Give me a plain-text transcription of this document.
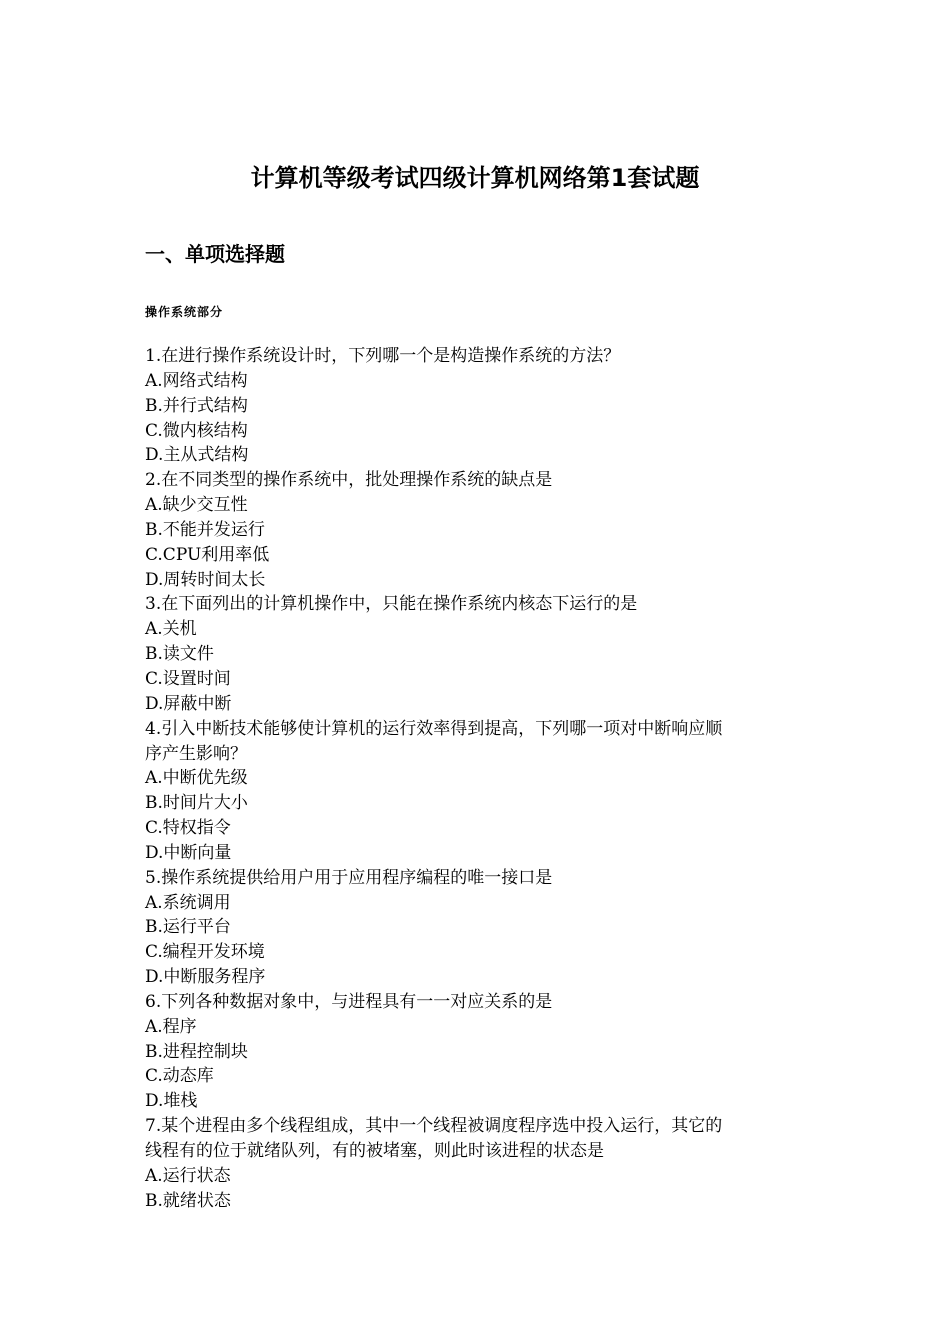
计算机等级考试四级计算机网络第1套试题
一、单项选择题
操作系统部分
1.在进行操作系统设计时，下列哪一个是构造操作系统的方法？
A.网络式结构
B.并行式结构
C.微内核结构
D.主从式结构
2.在不同类型的操作系统中，批处理操作系统的缺点是
A.缺少交互性
B.不能并发运行
C.CPU利用率低
D.周转时间太长
3.在下面列出的计算机操作中，只能在操作系统内核态下运行的是
A.关机
B.读文件
C.设置时间
D.屏蔽中断
4.引入中断技术能够使计算机的运行效率得到提高，下列哪一项对中断响应顺
序产生影响？
A.中断优先级
B.时间片大小
C.特权指令
D.中断向量
5.操作系统提供给用户用于应用程序编程的唯一接口是
A.系统调用
B.运行平台
C.编程开发环境
D.中断服务程序
6.下列各种数据对象中，与进程具有一一对应关系的是
A.程序
B.进程控制块
C.动态库
D.堆栈
7.某个进程由多个线程组成，其中一个线程被调度程序选中投入运行，其它的
线程有的位于就绪队列，有的被堵塞，则此时该进程的状态是
A.运行状态
B.就绪状态
